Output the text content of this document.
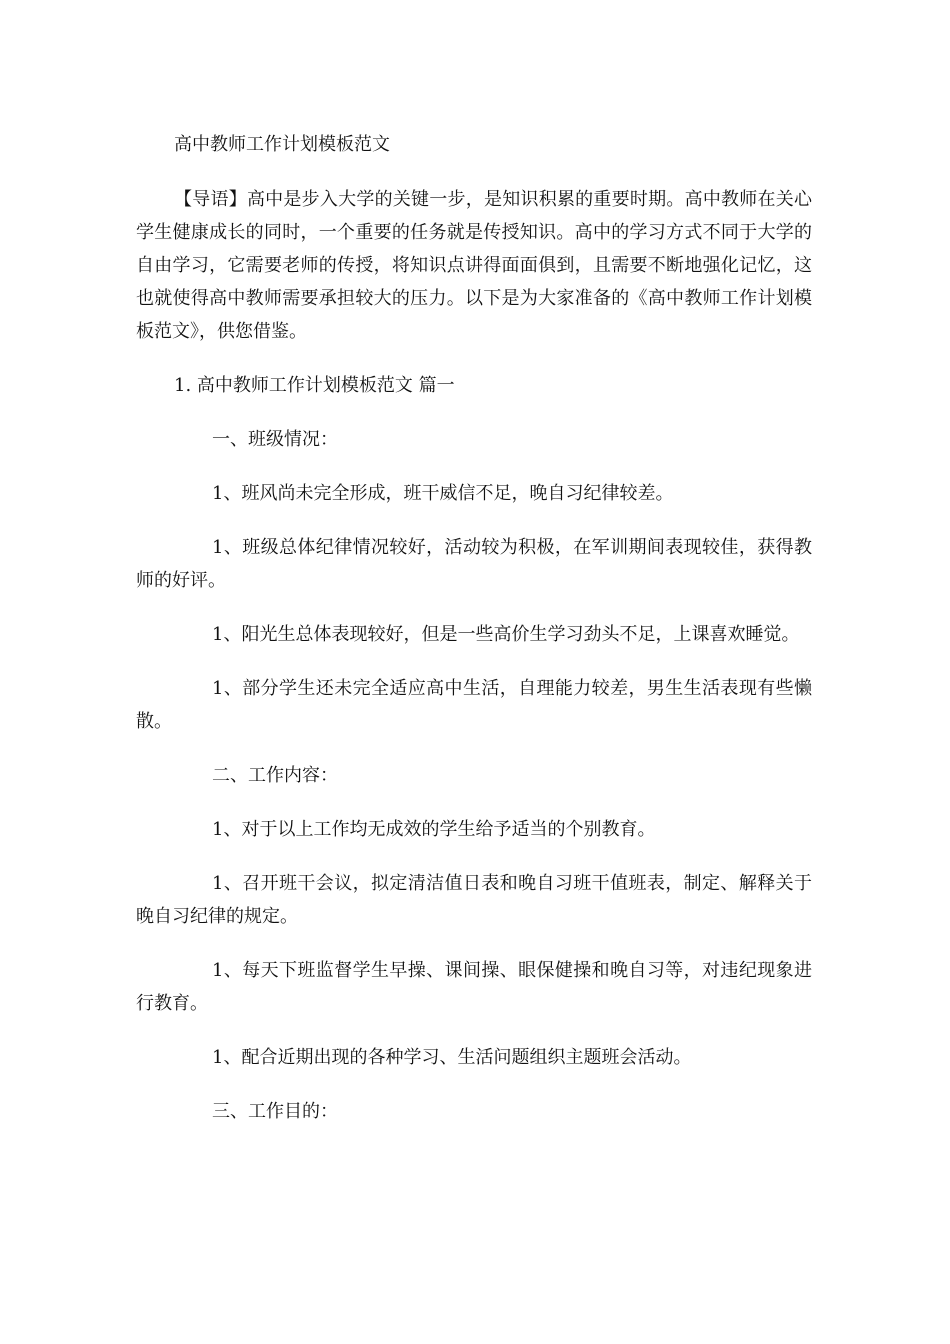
高中教师工作计划模板范文

【导语】高中是步入大学的关键一步，是知识积累的重要时期。高中教师在关心学生健康成长的同时，一个重要的任务就是传授知识。高中的学习方式不同于大学的自由学习，它需要老师的传授，将知识点讲得面面俱到，且需要不断地强化记忆，这也就使得高中教师需要承担较大的压力。以下是为大家准备的《高中教师工作计划模板范文》，供您借鉴。

1. 高中教师工作计划模板范文 篇一

一、班级情况：

1、班风尚未完全形成，班干威信不足，晚自习纪律较差。

1、班级总体纪律情况较好，活动较为积极，在军训期间表现较佳，获得教师的好评。

1、阳光生总体表现较好，但是一些高价生学习劲头不足，上课喜欢睡觉。

1、部分学生还未完全适应高中生活，自理能力较差，男生生活表现有些懒散。

二、工作内容：

1、对于以上工作均无成效的学生给予适当的个别教育。

1、召开班干会议，拟定清洁值日表和晚自习班干值班表，制定、解释关于晚自习纪律的规定。

1、每天下班监督学生早操、课间操、眼保健操和晚自习等，对违纪现象进行教育。

1、配合近期出现的各种学习、生活问题组织主题班会活动。

三、工作目的：
